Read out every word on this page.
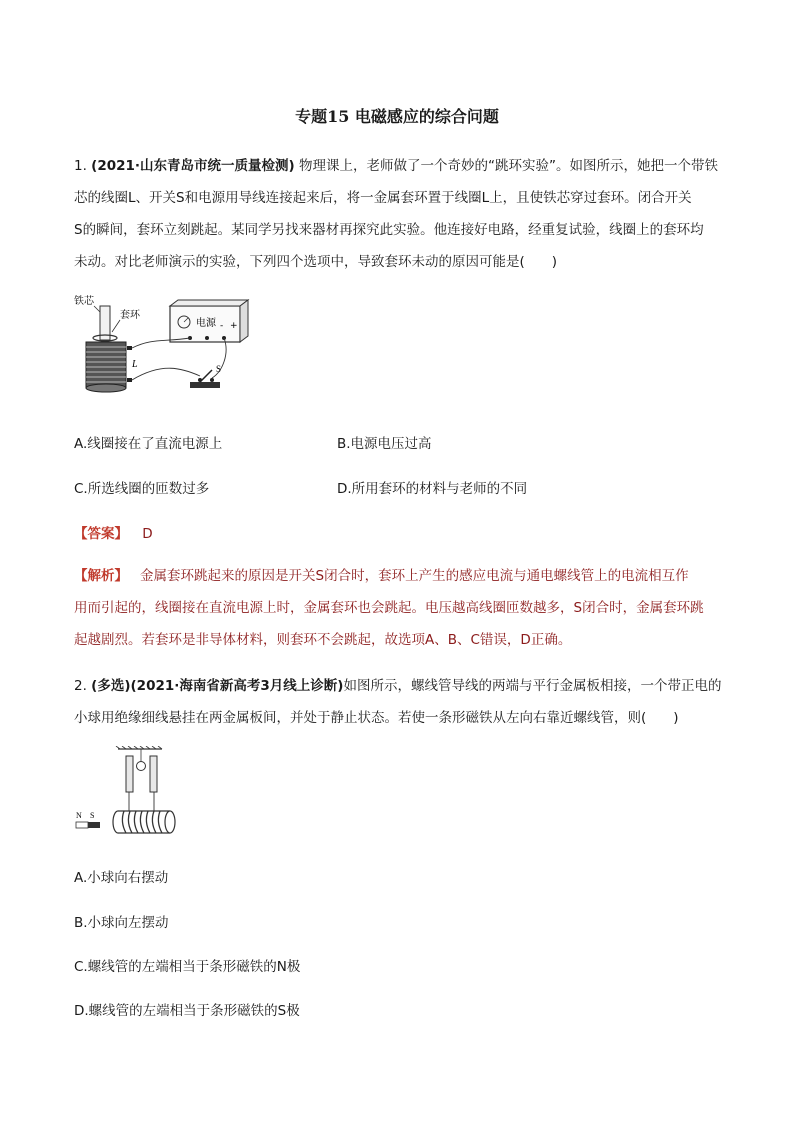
专题15 电磁感应的综合问题
1. (2021·山东青岛市统一质量检测) 物理课上，老师做了一个奇妙的“跳环实验”。如图所示，她把一个带铁
芯的线圈L、开关S和电源用导线连接起来后，将一金属套环置于线圈L上，且使铁芯穿过套环。闭合开关
S的瞬间，套环立刻跳起。某同学另找来器材再探究此实验。他连接好电路，经重复试验，线圈上的套环均
未动。对比老师演示的实验，下列四个选项中，导致套环未动的原因可能是(　　)
铁芯
套环
L
电源 - +
S
A.线圈接在了直流电源上	B.电源电压过高
C.所选线圈的匝数过多	D.所用套环的材料与老师的不同
【答案】 D
【解析】 金属套环跳起来的原因是开关S闭合时，套环上产生的感应电流与通电螺线管上的电流相互作
用而引起的，线圈接在直流电源上时，金属套环也会跳起。电压越高线圈匝数越多，S闭合时，金属套环跳
起越剧烈。若套环是非导体材料，则套环不会跳起，故选项A、B、C错误，D正确。
2. (多选)(2021·海南省新高考3月线上诊断)如图所示，螺线管导线的两端与平行金属板相接，一个带正电的
小球用绝缘细线悬挂在两金属板间，并处于静止状态。若使一条形磁铁从左向右靠近螺线管，则(　　)
N S
A.小球向右摆动
B.小球向左摆动
C.螺线管的左端相当于条形磁铁的N极
D.螺线管的左端相当于条形磁铁的S极
